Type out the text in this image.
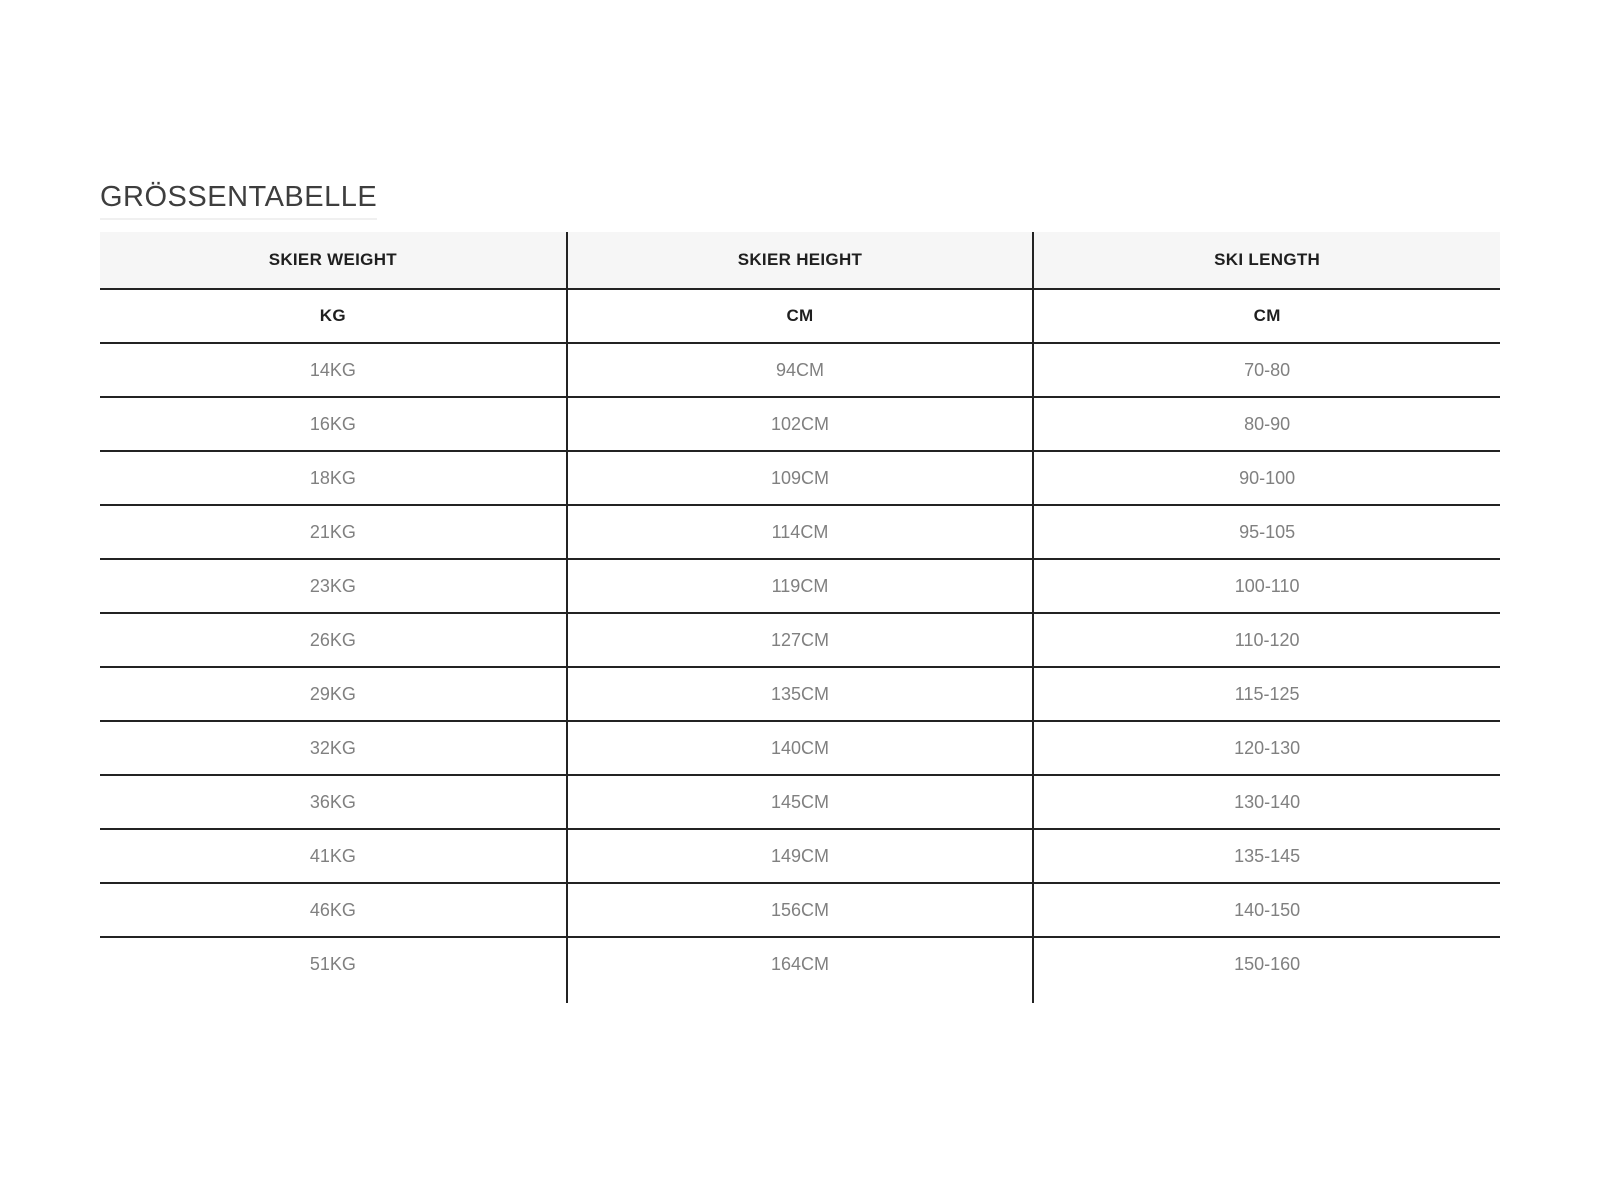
GRÖSSENTABELLE
SKIER WEIGHT	SKIER HEIGHT	SKI LENGTH
KG	CM	CM
14KG	94CM	70-80
16KG	102CM	80-90
18KG	109CM	90-100
21KG	114CM	95-105
23KG	119CM	100-110
26KG	127CM	110-120
29KG	135CM	115-125
32KG	140CM	120-130
36KG	145CM	130-140
41KG	149CM	135-145
46KG	156CM	140-150
51KG	164CM	150-160
